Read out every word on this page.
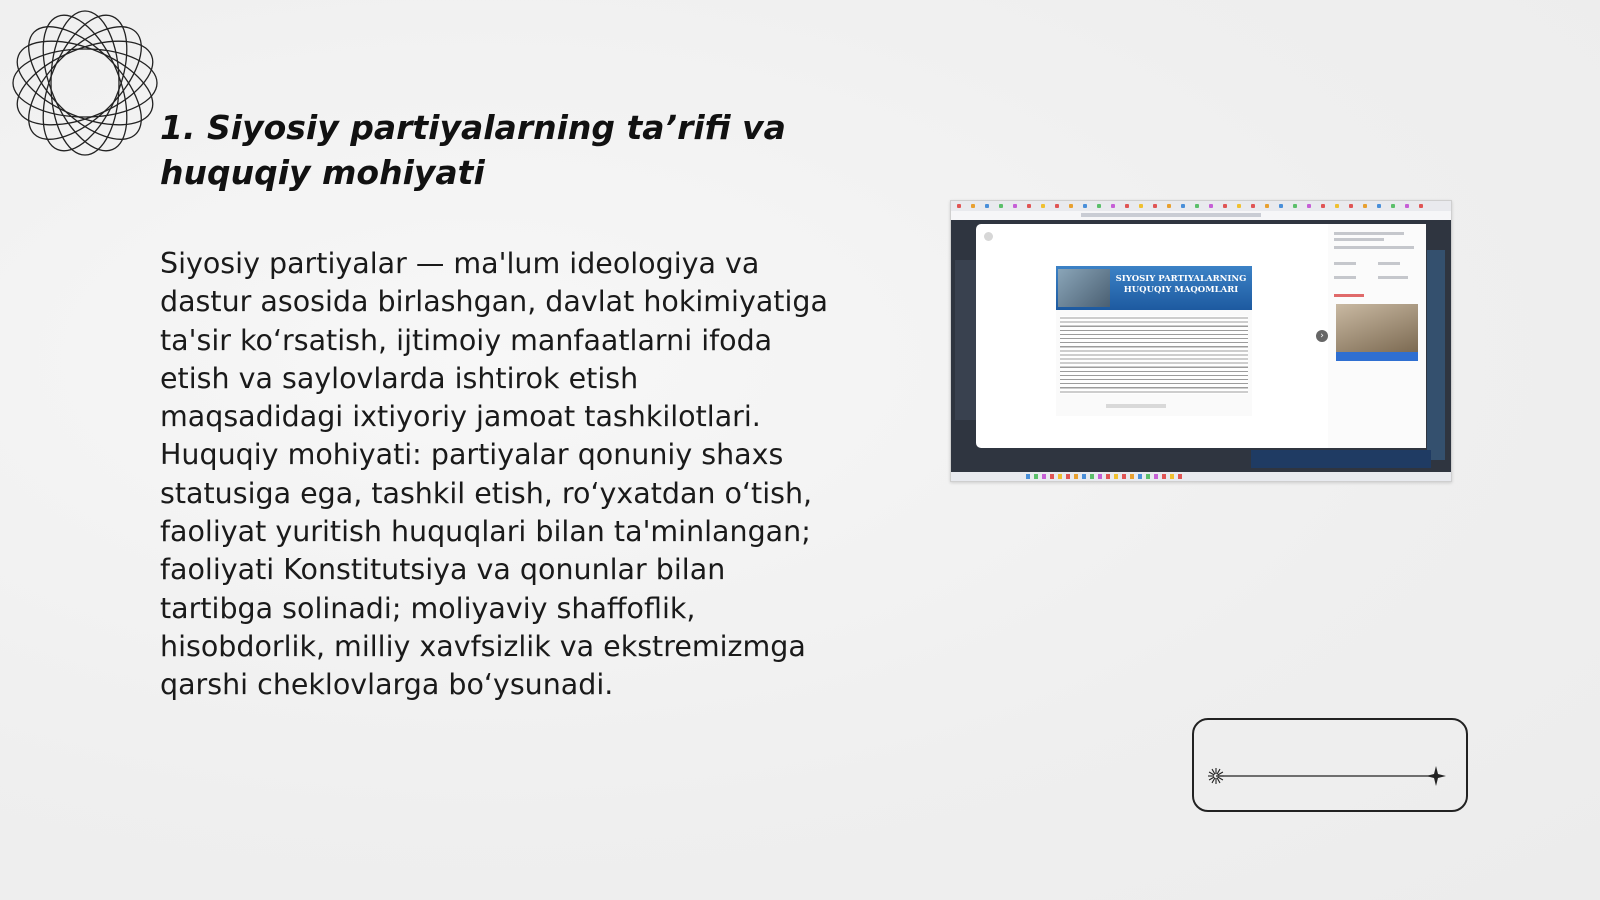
1. Siyosiy partiyalarning ta’rifi va huquqiy mohiyati

Siyosiy partiyalar — ma'lum ideologiya va dastur asosida birlashgan, davlat hokimiyatiga ta'sir ko‘rsatish, ijtimoiy manfaatlarni ifoda etish va saylovlarda ishtirok etish maqsadidagi ixtiyoriy jamoat tashkilotlari. Huquqiy mohiyati: partiyalar qonuniy shaxs statusiga ega, tashkil etish, ro‘yxatdan o‘tish, faoliyat yuritish huquqlari bilan ta'minlangan; faoliyati Konstitutsiya va qonunlar bilan tartibga solinadi; moliyaviy shaffoflik, hisobdorlik, milliy xavfsizlik va ekstremizmga qarshi cheklovlarga bo‘ysunadi.

SIYOSIY PARTIYALARNING HUQUQIY MAQOMLARI
›
